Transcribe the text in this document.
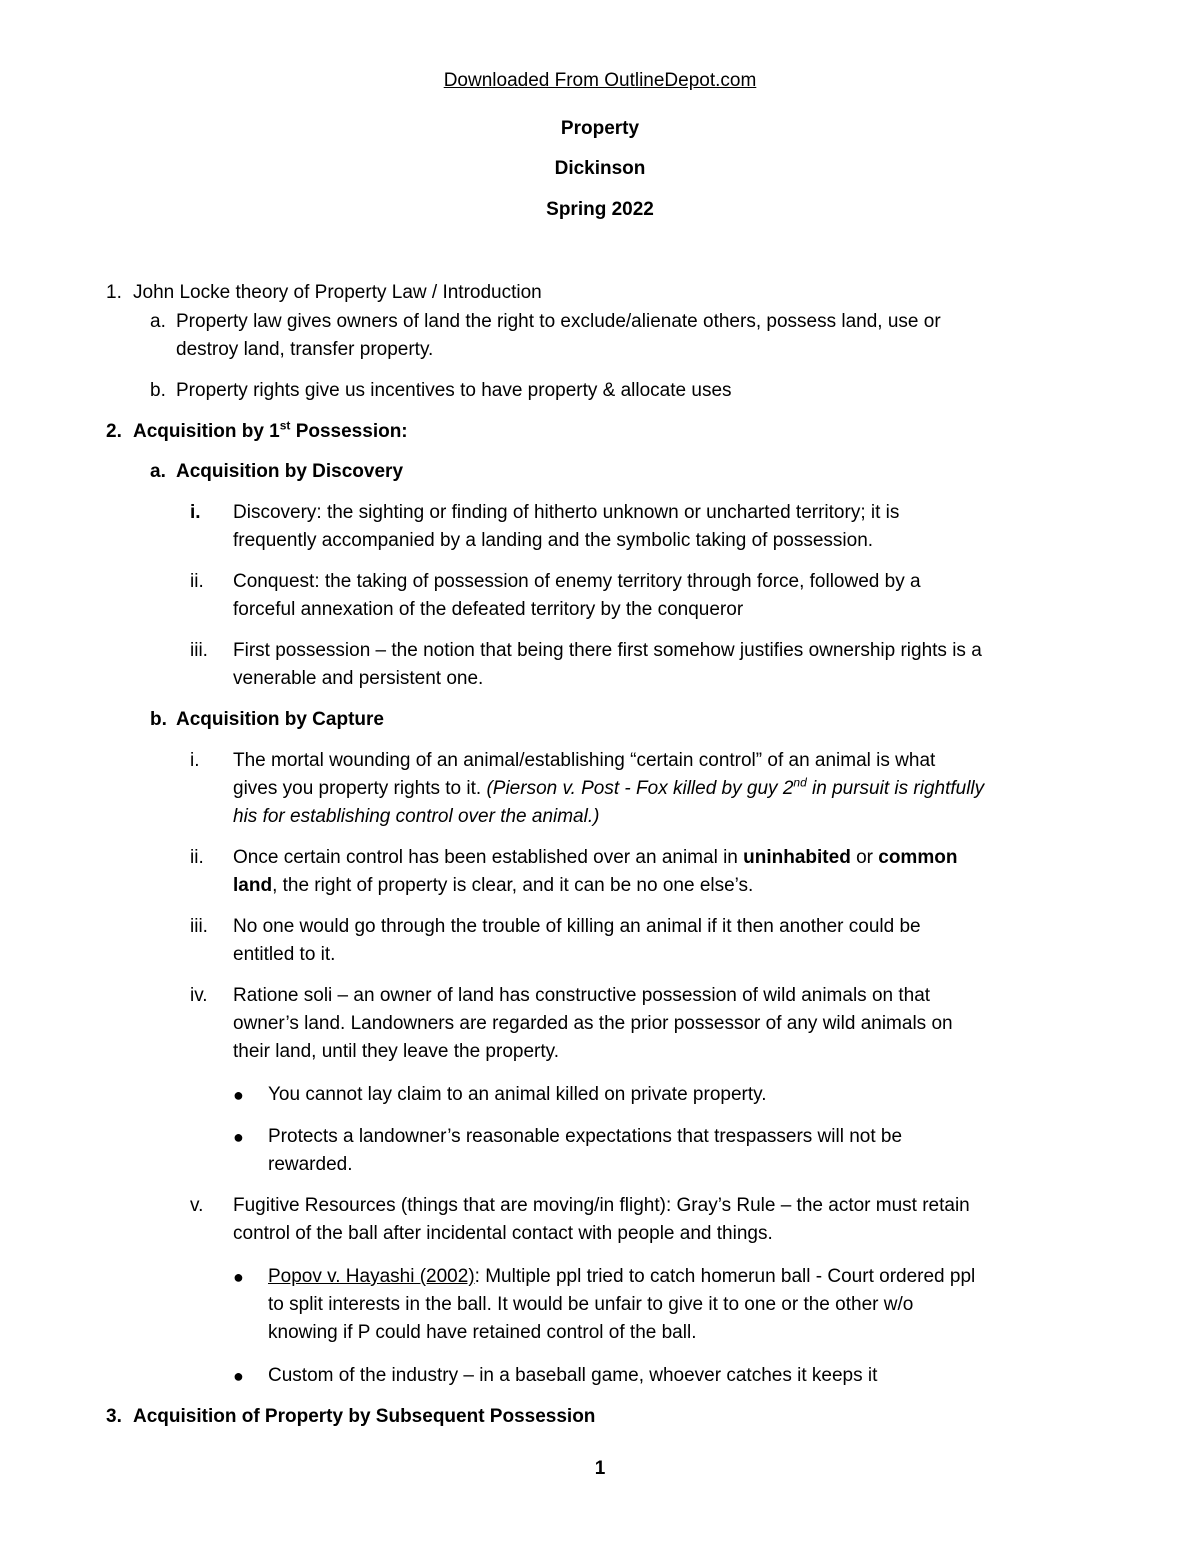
Downloaded From OutlineDepot.com
Property
Dickinson
Spring 2022
1. John Locke theory of Property Law / Introduction
a. Property law gives owners of land the right to exclude/alienate others, possess land, use or
destroy land, transfer property.
b. Property rights give us incentives to have property & allocate uses
2. Acquisition by 1st Possession:
a. Acquisition by Discovery
i. Discovery: the sighting or finding of hitherto unknown or uncharted territory; it is
frequently accompanied by a landing and the symbolic taking of possession.
ii. Conquest: the taking of possession of enemy territory through force, followed by a
forceful annexation of the defeated territory by the conqueror
iii. First possession – the notion that being there first somehow justifies ownership rights is a
venerable and persistent one.
b. Acquisition by Capture
i. The mortal wounding of an animal/establishing “certain control” of an animal is what
gives you property rights to it. (Pierson v. Post - Fox killed by guy 2nd in pursuit is rightfully
his for establishing control over the animal.)
ii. Once certain control has been established over an animal in uninhabited or common
land, the right of property is clear, and it can be no one else’s.
iii. No one would go through the trouble of killing an animal if it then another could be
entitled to it.
iv. Ratione soli – an owner of land has constructive possession of wild animals on that
owner’s land. Landowners are regarded as the prior possessor of any wild animals on
their land, until they leave the property.
● You cannot lay claim to an animal killed on private property.
● Protects a landowner’s reasonable expectations that trespassers will not be
rewarded.
v. Fugitive Resources (things that are moving/in flight): Gray’s Rule – the actor must retain
control of the ball after incidental contact with people and things.
● Popov v. Hayashi (2002): Multiple ppl tried to catch homerun ball - Court ordered ppl
to split interests in the ball. It would be unfair to give it to one or the other w/o
knowing if P could have retained control of the ball.
● Custom of the industry – in a baseball game, whoever catches it keeps it
3. Acquisition of Property by Subsequent Possession
1
